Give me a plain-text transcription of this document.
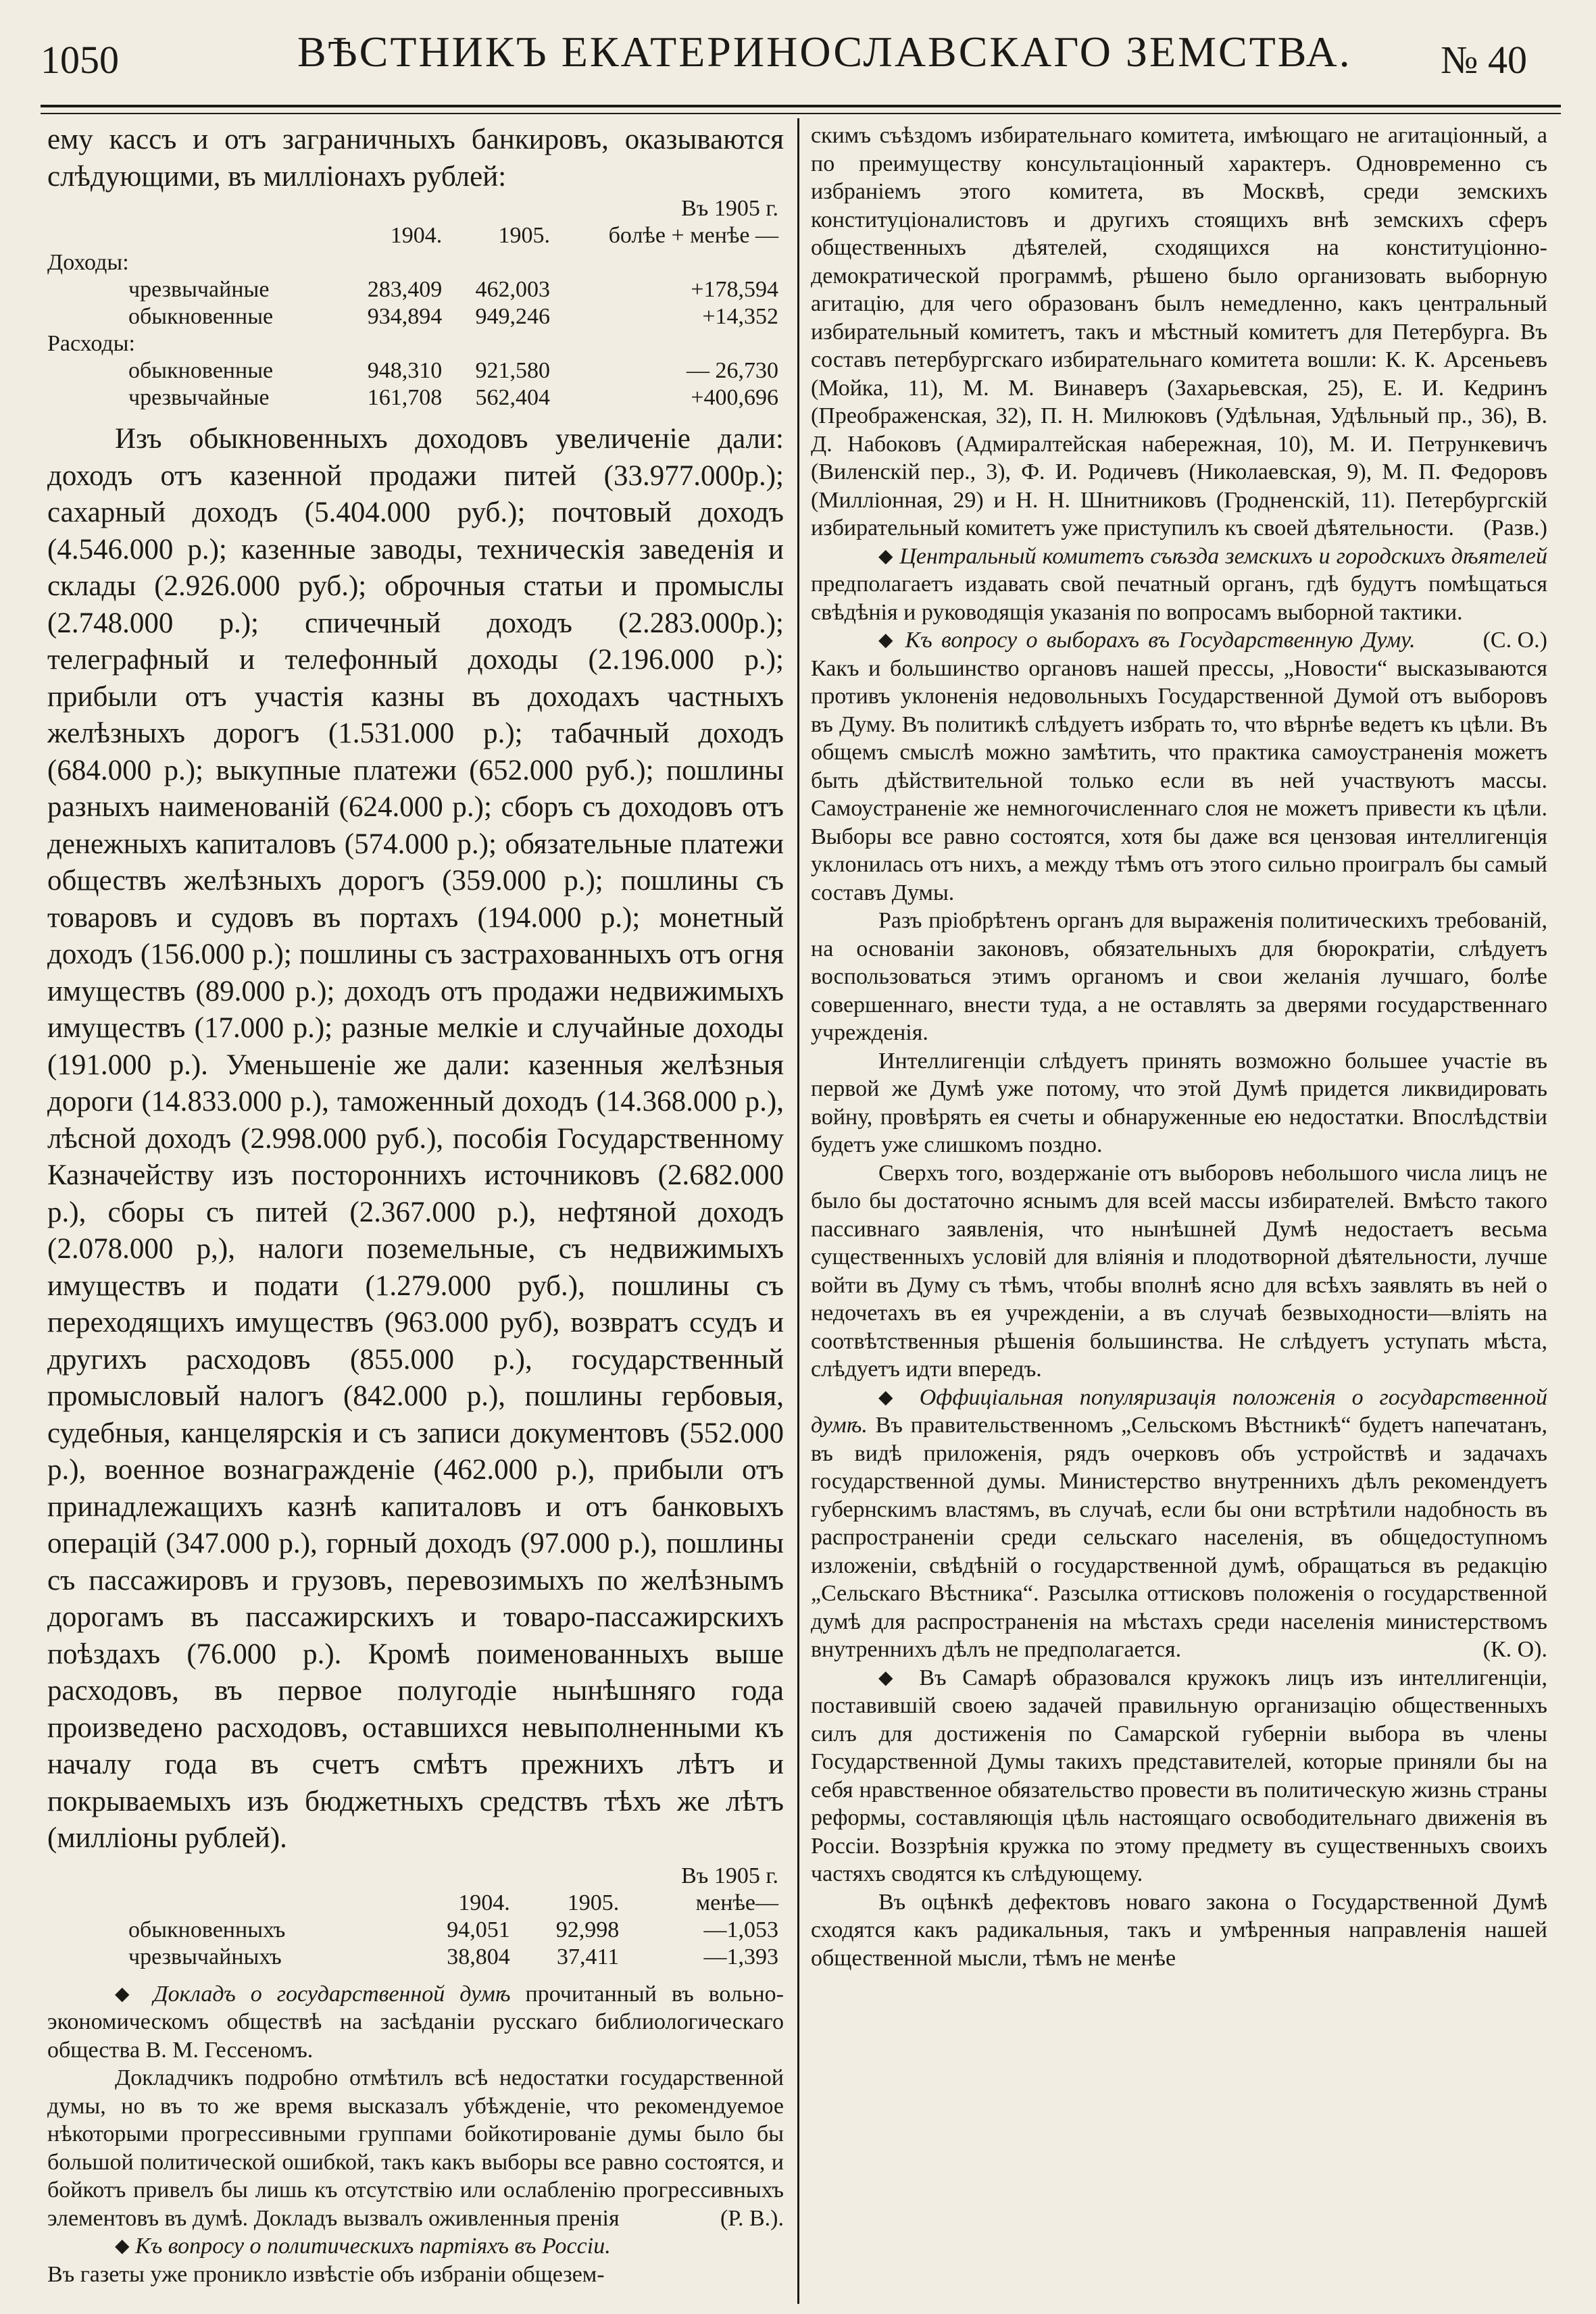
1050	ВѢСТНИКЪ ЕКАТЕРИНОСЛАВСКАГО ЗЕМСТВА. № 40

ему кассъ и отъ заграничныхъ банкировъ, оказываются слѣдующими, въ милліонахъ рублей:

			Въ 1905 г.
	1904.	1905.	болѣе + менѣе —
Доходы:			
чрезвычайные	283,409	462,003	+178,594
обыкновенные	934,894	949,246	+14,352
Расходы:			
обыкновенные	948,310	921,580	— 26,730
чрезвычайные	161,708	562,404	+400,696

Изъ обыкновенныхъ доходовъ увеличеніе дали: доходъ отъ казенной продажи питей (33.977.000р.); сахарный доходъ (5.404.000 руб.); почтовый доходъ (4.546.000 р.); казенные заводы, техническія заведенія и склады (2.926.000 руб.); оброчныя статьи и промыслы (2.748.000 р.); спичечный доходъ (2.283.000р.); телеграфный и телефонный доходы (2.196.000 р.); прибыли отъ участія казны въ доходахъ частныхъ желѣзныхъ дорогъ (1.531.000 р.); табачный доходъ (684.000 р.); выкупные платежи (652.000 руб.); пошлины разныхъ наименованій (624.000 р.); сборъ съ доходовъ отъ денежныхъ капиталовъ (574.000 р.); обязательные платежи обществъ желѣзныхъ дорогъ (359.000 р.); пошлины съ товаровъ и судовъ въ портахъ (194.000 р.); монетный доходъ (156.000 р.); пошлины съ застрахованныхъ отъ огня имуществъ (89.000 р.); доходъ отъ продажи недвижимыхъ имуществъ (17.000 р.); разные мелкіе и случайные доходы (191.000 р.). Уменьшеніе же дали: казенныя желѣзныя дороги (14.833.000 р.), таможенный доходъ (14.368.000 р.), лѣсной доходъ (2.998.000 руб.), пособія Государственному Казначейству изъ постороннихъ источниковъ (2.682.000 р.), сборы съ питей (2.367.000 р.), нефтяной доходъ (2.078.000 р,), налоги поземельные, съ недвижимыхъ имуществъ и подати (1.279.000 руб.), пошлины съ переходящихъ имуществъ (963.000 руб), возвратъ ссудъ и другихъ расходовъ (855.000 р.), государственный промысловый налогъ (842.000 р.), пошлины гербовыя, судебныя, канцелярскія и съ записи документовъ (552.000 р.), военное вознагражденіе (462.000 р.), прибыли отъ принадлежащихъ казнѣ капиталовъ и отъ банковыхъ операцій (347.000 р.), горный доходъ (97.000 р.), пошлины съ пассажировъ и грузовъ, перевозимыхъ по желѣзнымъ дорогамъ въ пассажирскихъ и товаро-пассажирскихъ поѣздахъ (76.000 р.). Кромѣ поименованныхъ выше расходовъ, въ первое полугодіе нынѣшняго года произведено расходовъ, оставшихся невыполненными къ началу года въ счетъ смѣтъ прежнихъ лѣтъ и покрываемыхъ изъ бюджетныхъ средствъ тѣхъ же лѣтъ (милліоны рублей).

			Въ 1905 г.
	1904.	1905.	менѣе—
обыкновенныхъ	94,051	92,998	—1,053
чрезвычайныхъ	38,804	37,411	—1,393

◆ Докладъ о государственной думѣ прочитанный въ вольно-экономическомъ обществѣ на засѣданіи русскаго библиологическаго общества В. М. Гессеномъ.

Докладчикъ подробно отмѣтилъ всѣ недостатки государственной думы, но въ то же время высказалъ убѣжденіе, что рекомендуемое нѣкоторыми прогрессивными группами бойкотированіе думы было бы большой политической ошибкой, такъ какъ выборы все равно состоятся, и бойкотъ привелъ бы лишь къ отсутствію или ослабленію прогрессивныхъ элементовъ въ думѣ. Докладъ вызвалъ оживленныя пренія	(Р. В.).

◆ Къ вопросу о политическихъ партіяхъ въ Россіи.

Въ газеты уже проникло извѣстіе объ избраніи общезем-

скимъ съѣздомъ избирательнаго комитета, имѣющаго не агитаціонный, а по преимуществу консультаціонный характеръ. Одновременно съ избраніемъ этого комитета, въ Москвѣ, среди земскихъ конституціоналистовъ и другихъ стоящихъ внѣ земскихъ сферъ общественныхъ дѣятелей, сходящихся на конституціонно-демократической программѣ, рѣшено было организовать выборную агитацію, для чего образованъ былъ немедленно, какъ центральный избирательный комитетъ, такъ и мѣстный комитетъ для Петербурга. Въ составъ петербургскаго избирательнаго комитета вошли: К. К. Арсеньевъ (Мойка, 11), М. М. Винаверъ (Захарьевская, 25), Е. И. Кедринъ (Преображенская, 32), П. Н. Милюковъ (Удѣльная, Удѣльный пр., 36), В. Д. Набоковъ (Адмиралтейская набережная, 10), М. И. Петрункевичъ (Виленскій пер., 3), Ф. И. Родичевъ (Николаевская, 9), М. П. Федоровъ (Милліонная, 29) и Н. Н. Шнитниковъ (Гродненскій, 11). Петербургскій избирательный комитетъ уже приступилъ къ своей дѣятельности. (Разв.)

◆ Центральный комитетъ съѣзда земскихъ и городскихъ дѣятелей предполагаетъ издавать свой печатный органъ, гдѣ будутъ помѣщаться свѣдѣнія и руководящія указанія по вопросамъ выборной тактики.
(С. О.)

◆ Къ вопросу о выборахъ въ Государственную Думу. Какъ и большинство органовъ нашей прессы, „Новости“ высказываются противъ уклоненія недовольныхъ Государственной Думой отъ выборовъ въ Думу. Въ политикѣ слѣдуетъ избрать то, что вѣрнѣе ведетъ къ цѣли. Въ общемъ смыслѣ можно замѣтить, что практика самоустраненія можетъ быть дѣйствительной только если въ ней участвуютъ массы. Самоустраненіе же немногочисленнаго слоя не можетъ привести къ цѣли. Выборы все равно состоятся, хотя бы даже вся цензовая интеллигенція уклонилась отъ нихъ, а между тѣмъ отъ этого сильно проигралъ бы самый составъ Думы.

Разъ пріобрѣтенъ органъ для выраженія политическихъ требованій, на основаніи законовъ, обязательныхъ для бюрократіи, слѣдуетъ воспользоваться этимъ органомъ и свои желанія лучшаго, болѣе совершеннаго, внести туда, а не оставлять за дверями государственнаго учрежденія.

Интеллигенціи слѣдуетъ принять возможно большее участіе въ первой же Думѣ уже потому, что этой Думѣ придется ликвидировать войну, провѣрять ея счеты и обнаруженные ею недостатки. Впослѣдствіи будетъ уже слишкомъ поздно.

Сверхъ того, воздержаніе отъ выборовъ небольшого числа лицъ не было бы достаточно яснымъ для всей массы избирателей. Вмѣсто такого пассивнаго заявленія, что нынѣшней Думѣ недостаетъ весьма существенныхъ условій для вліянія и плодотворной дѣятельности, лучше войти въ Думу съ тѣмъ, чтобы вполнѣ ясно для всѣхъ заявлять въ ней о недочетахъ въ ея учрежденіи, а въ случаѣ безвыходности—вліять на соотвѣтственныя рѣшенія большинства. Не слѣдуетъ уступать мѣста, слѣдуетъ идти впередъ.

◆ Оффиціальная популяризація положенія о государственной думѣ. Въ правительственномъ „Сельскомъ Вѣстникѣ“ будетъ напечатанъ, въ видѣ приложенія, рядъ очерковъ объ устройствѣ и задачахъ государственной думы. Министерство внутреннихъ дѣлъ рекомендуетъ губернскимъ властямъ, въ случаѣ, если бы они встрѣтили надобность въ распространеніи среди сельскаго населенія, въ общедоступномъ изложеніи, свѣдѣній о государственной думѣ, обращаться въ редакцію „Сельскаго Вѣстника“. Разсылка оттисковъ положенія о государственной думѣ для распространенія на мѣстахъ среди населенія министерствомъ внутреннихъ дѣлъ не предполагается.	(К. О).

◆ Въ Самарѣ образовался кружокъ лицъ изъ интеллигенціи, поставившій своею задачей правильную организацію общественныхъ силъ для достиженія по Самарской губерніи выбора въ члены Государственной Думы такихъ представителей, которые приняли бы на себя нравственное обязательство провести въ политическую жизнь страны реформы, составляющія цѣль настоящаго освободительнаго движенія въ Россіи. Воззрѣнія кружка по этому предмету въ существенныхъ своихъ частяхъ сводятся къ слѣдующему.

Въ оцѣнкѣ дефектовъ новаго закона о Государственной Думѣ сходятся какъ радикальныя, такъ и умѣренныя направленія нашей общественной мысли, тѣмъ не менѣе
